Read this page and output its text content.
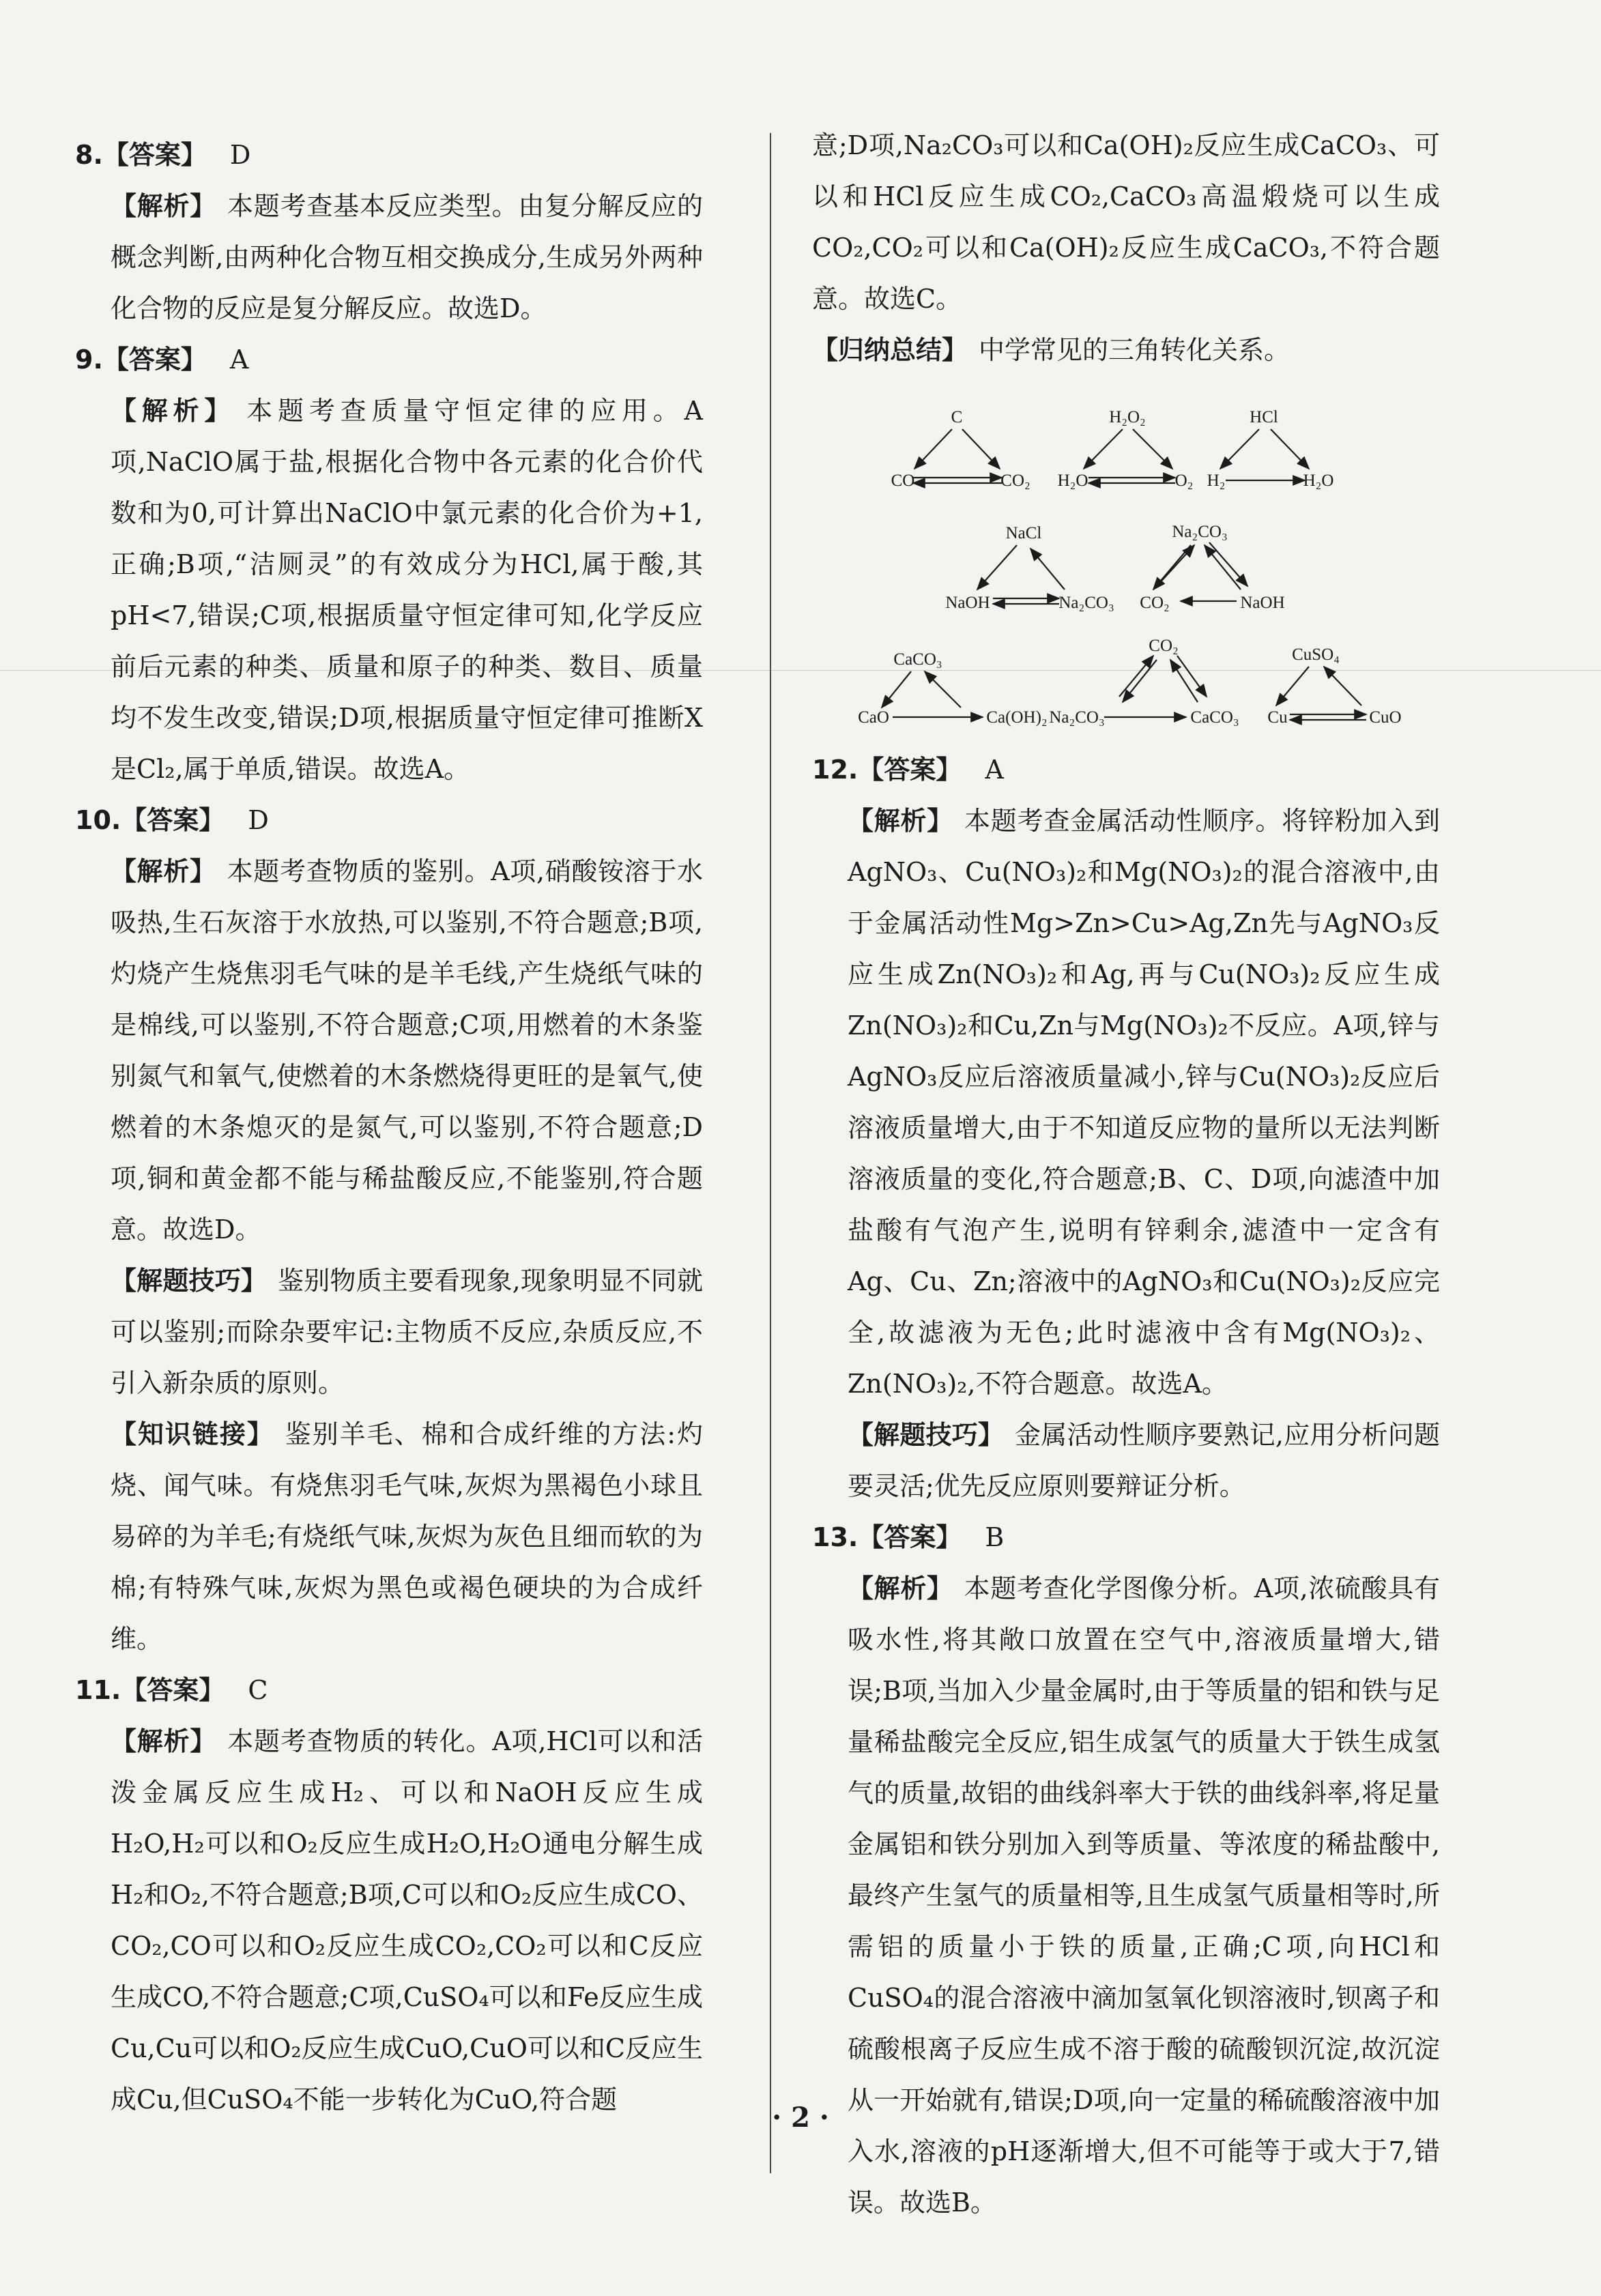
8.【答案】 D
【解析】 本题考查基本反应类型。由复分解反应的概念判断,由两种化合物互相交换成分,生成另外两种化合物的反应是复分解反应。故选D。
9.【答案】 A
【解析】 本题考查质量守恒定律的应用。A项,NaClO属于盐,根据化合物中各元素的化合价代数和为0,可计算出NaClO中氯元素的化合价为+1,正确;B项,“洁厕灵”的有效成分为HCl,属于酸,其pH<7,错误;C项,根据质量守恒定律可知,化学反应前后元素的种类、质量和原子的种类、数目、质量均不发生改变,错误;D项,根据质量守恒定律可推断X是Cl₂,属于单质,错误。故选A。
10.【答案】 D
【解析】 本题考查物质的鉴别。A项,硝酸铵溶于水吸热,生石灰溶于水放热,可以鉴别,不符合题意;B项,灼烧产生烧焦羽毛气味的是羊毛线,产生烧纸气味的是棉线,可以鉴别,不符合题意;C项,用燃着的木条鉴别氮气和氧气,使燃着的木条燃烧得更旺的是氧气,使燃着的木条熄灭的是氮气,可以鉴别,不符合题意;D项,铜和黄金都不能与稀盐酸反应,不能鉴别,符合题意。故选D。
【解题技巧】 鉴别物质主要看现象,现象明显不同就可以鉴别;而除杂要牢记:主物质不反应,杂质反应,不引入新杂质的原则。
【知识链接】 鉴别羊毛、棉和合成纤维的方法:灼烧、闻气味。有烧焦羽毛气味,灰烬为黑褐色小球且易碎的为羊毛;有烧纸气味,灰烬为灰色且细而软的为棉;有特殊气味,灰烬为黑色或褐色硬块的为合成纤维。
11.【答案】 C
【解析】 本题考查物质的转化。A项,HCl可以和活泼金属反应生成H₂、可以和NaOH反应生成H₂O,H₂可以和O₂反应生成H₂O,H₂O通电分解生成H₂和O₂,不符合题意;B项,C可以和O₂反应生成CO、CO₂,CO可以和O₂反应生成CO₂,CO₂可以和C反应生成CO,不符合题意;C项,CuSO₄可以和Fe反应生成Cu,Cu可以和O₂反应生成CuO,CuO可以和C反应生成Cu,但CuSO₄不能一步转化为CuO,符合题
意;D项,Na₂CO₃可以和Ca(OH)₂反应生成CaCO₃、可以和HCl反应生成CO₂,CaCO₃高温煅烧可以生成CO₂,CO₂可以和Ca(OH)₂反应生成CaCO₃,不符合题意。故选C。
【归纳总结】 中学常见的三角转化关系。
C
CO	CO₂
H₂O₂
H₂O	O₂
HCl
H₂	H₂O
NaCl
NaOH	Na₂CO₃
Na₂CO₃
CO₂	NaOH
CaCO₃
CaO	Ca(OH)₂
CO₂
Na₂CO₃	CaCO₃
CuSO₄
Cu	CuO
12.【答案】 A
【解析】 本题考查金属活动性顺序。将锌粉加入到AgNO₃、Cu(NO₃)₂和Mg(NO₃)₂的混合溶液中,由于金属活动性Mg>Zn>Cu>Ag,Zn先与AgNO₃反应生成Zn(NO₃)₂和Ag,再与Cu(NO₃)₂反应生成Zn(NO₃)₂和Cu,Zn与Mg(NO₃)₂不反应。A项,锌与AgNO₃反应后溶液质量减小,锌与Cu(NO₃)₂反应后溶液质量增大,由于不知道反应物的量所以无法判断溶液质量的变化,符合题意;B、C、D项,向滤渣中加盐酸有气泡产生,说明有锌剩余,滤渣中一定含有Ag、Cu、Zn;溶液中的AgNO₃和Cu(NO₃)₂反应完全,故滤液为无色;此时滤液中含有Mg(NO₃)₂、Zn(NO₃)₂,不符合题意。故选A。
【解题技巧】 金属活动性顺序要熟记,应用分析问题要灵活;优先反应原则要辩证分析。
13.【答案】 B
【解析】 本题考查化学图像分析。A项,浓硫酸具有吸水性,将其敞口放置在空气中,溶液质量增大,错误;B项,当加入少量金属时,由于等质量的铝和铁与足量稀盐酸完全反应,铝生成氢气的质量大于铁生成氢气的质量,故铝的曲线斜率大于铁的曲线斜率,将足量金属铝和铁分别加入到等质量、等浓度的稀盐酸中,最终产生氢气的质量相等,且生成氢气质量相等时,所需铝的质量小于铁的质量,正确;C项,向HCl和CuSO₄的混合溶液中滴加氢氧化钡溶液时,钡离子和硫酸根离子反应生成不溶于酸的硫酸钡沉淀,故沉淀从一开始就有,错误;D项,向一定量的稀硫酸溶液中加入水,溶液的pH逐渐增大,但不可能等于或大于7,错误。故选B。
· 2 ·
